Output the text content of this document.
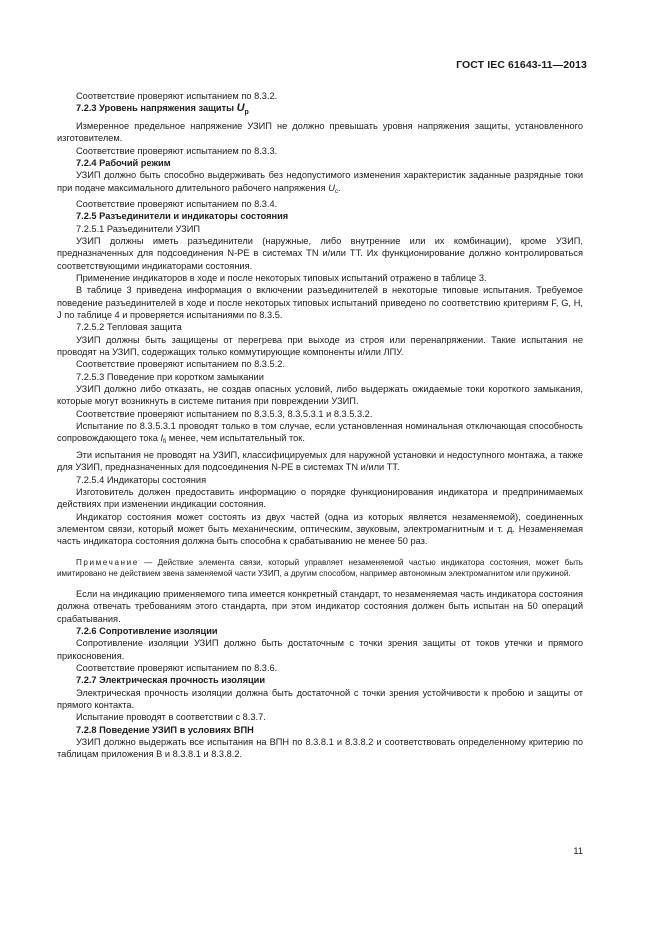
ГОСТ IEC 61643-11—2013

Соответствие проверяют испытанием по 8.3.2.

7.2.3 Уровень напряжения защиты $U_p$

Измеренное предельное напряжение УЗИП не должно превышать уровня напряжения защиты, установленного изготовителем.

Соответствие проверяют испытанием по 8.3.3.

7.2.4 Рабочий режим

УЗИП должно быть способно выдерживать без недопустимого изменения характеристик заданные разрядные токи при подаче максимального длительного рабочего напряжения $U_c$.

Соответствие проверяют испытанием по 8.3.4.

7.2.5 Разъединители и индикаторы состояния

7.2.5.1 Разъединители УЗИП

УЗИП должны иметь разъединители (наружные, либо внутренние или их комбинации), кроме УЗИП, предназначенных для подсоединения N-PE в системах TN и/или TT. Их функционирование должно контролироваться соответствующими индикаторами состояния.

Применение индикаторов в ходе и после некоторых типовых испытаний отражено в таблице 3.

В таблице 3 приведена информация о включении разъединителей в некоторые типовые испытания. Требуемое поведение разъединителей в ходе и после некоторых типовых испытаний приведено по соответствию критериям F, G, H, J по таблице 4 и проверяется испытаниями по 8.3.5.

7.2.5.2 Тепловая защита

УЗИП должны быть защищены от перегрева при выходе из строя или перенапряжении. Такие испытания не проводят на УЗИП, содержащих только коммутирующие компоненты и/или ЛПУ.

Соответствие проверяют испытанием по 8.3.5.2.

7.2.5.3 Поведение при коротком замыкании

УЗИП должно либо отказать, не создав опасных условий, либо выдержать ожидаемые токи короткого замыкания, которые могут возникнуть в системе питания при повреждении УЗИП.

Соответствие проверяют испытанием по 8.3.5.3, 8.3.5.3.1 и 8.3.5.3.2.

Испытание по 8.3.5.3.1 проводят только в том случае, если установленная номинальная отключающая способность сопровождающего тока $I_{fi}$ менее, чем испытательный ток.

Эти испытания не проводят на УЗИП, классифицируемых для наружной установки и недоступного монтажа, а также для УЗИП, предназначенных для подсоединения N-PE в системах TN и/или TT.

7.2.5.4 Индикаторы состояния

Изготовитель должен предоставить информацию о порядке функционирования индикатора и предпринимаемых действиях при изменении индикации состояния.

Индикатор состояния может состоять из двух частей (одна из которых является незаменяемой), соединенных элементом связи, который может быть механическим, оптическим, звуковым, электромагнитным и т. д. Незаменяемая часть индикатора состояния должна быть способна к срабатыванию не менее 50 раз.

Примечание — Действие элемента связи, который управляет незаменяемой частью индикатора состояния, может быть имитировано не действием звена заменяемой части УЗИП, а другим способом, например автономным электромагнитом или пружиной.

Если на индикацию применяемого типа имеется конкретный стандарт, то незаменяемая часть индикатора состояния должна отвечать требованиям этого стандарта, при этом индикатор состояния должен быть испытан на 50 операций срабатывания.

7.2.6 Сопротивление изоляции

Сопротивление изоляции УЗИП должно быть достаточным с точки зрения защиты от токов утечки и прямого прикосновения.

Соответствие проверяют испытанием по 8.3.6.

7.2.7 Электрическая прочность изоляции

Электрическая прочность изоляции должна быть достаточной с точки зрения устойчивости к пробою и защиты от прямого контакта.

Испытание проводят в соответствии с 8.3.7.

7.2.8 Поведение УЗИП в условиях ВПН

УЗИП должно выдержать все испытания на ВПН по 8.3.8.1 и 8.3.8.2 и соответствовать определенному критерию по таблицам приложения B и 8.3.8.1 и 8.3.8.2.

11
